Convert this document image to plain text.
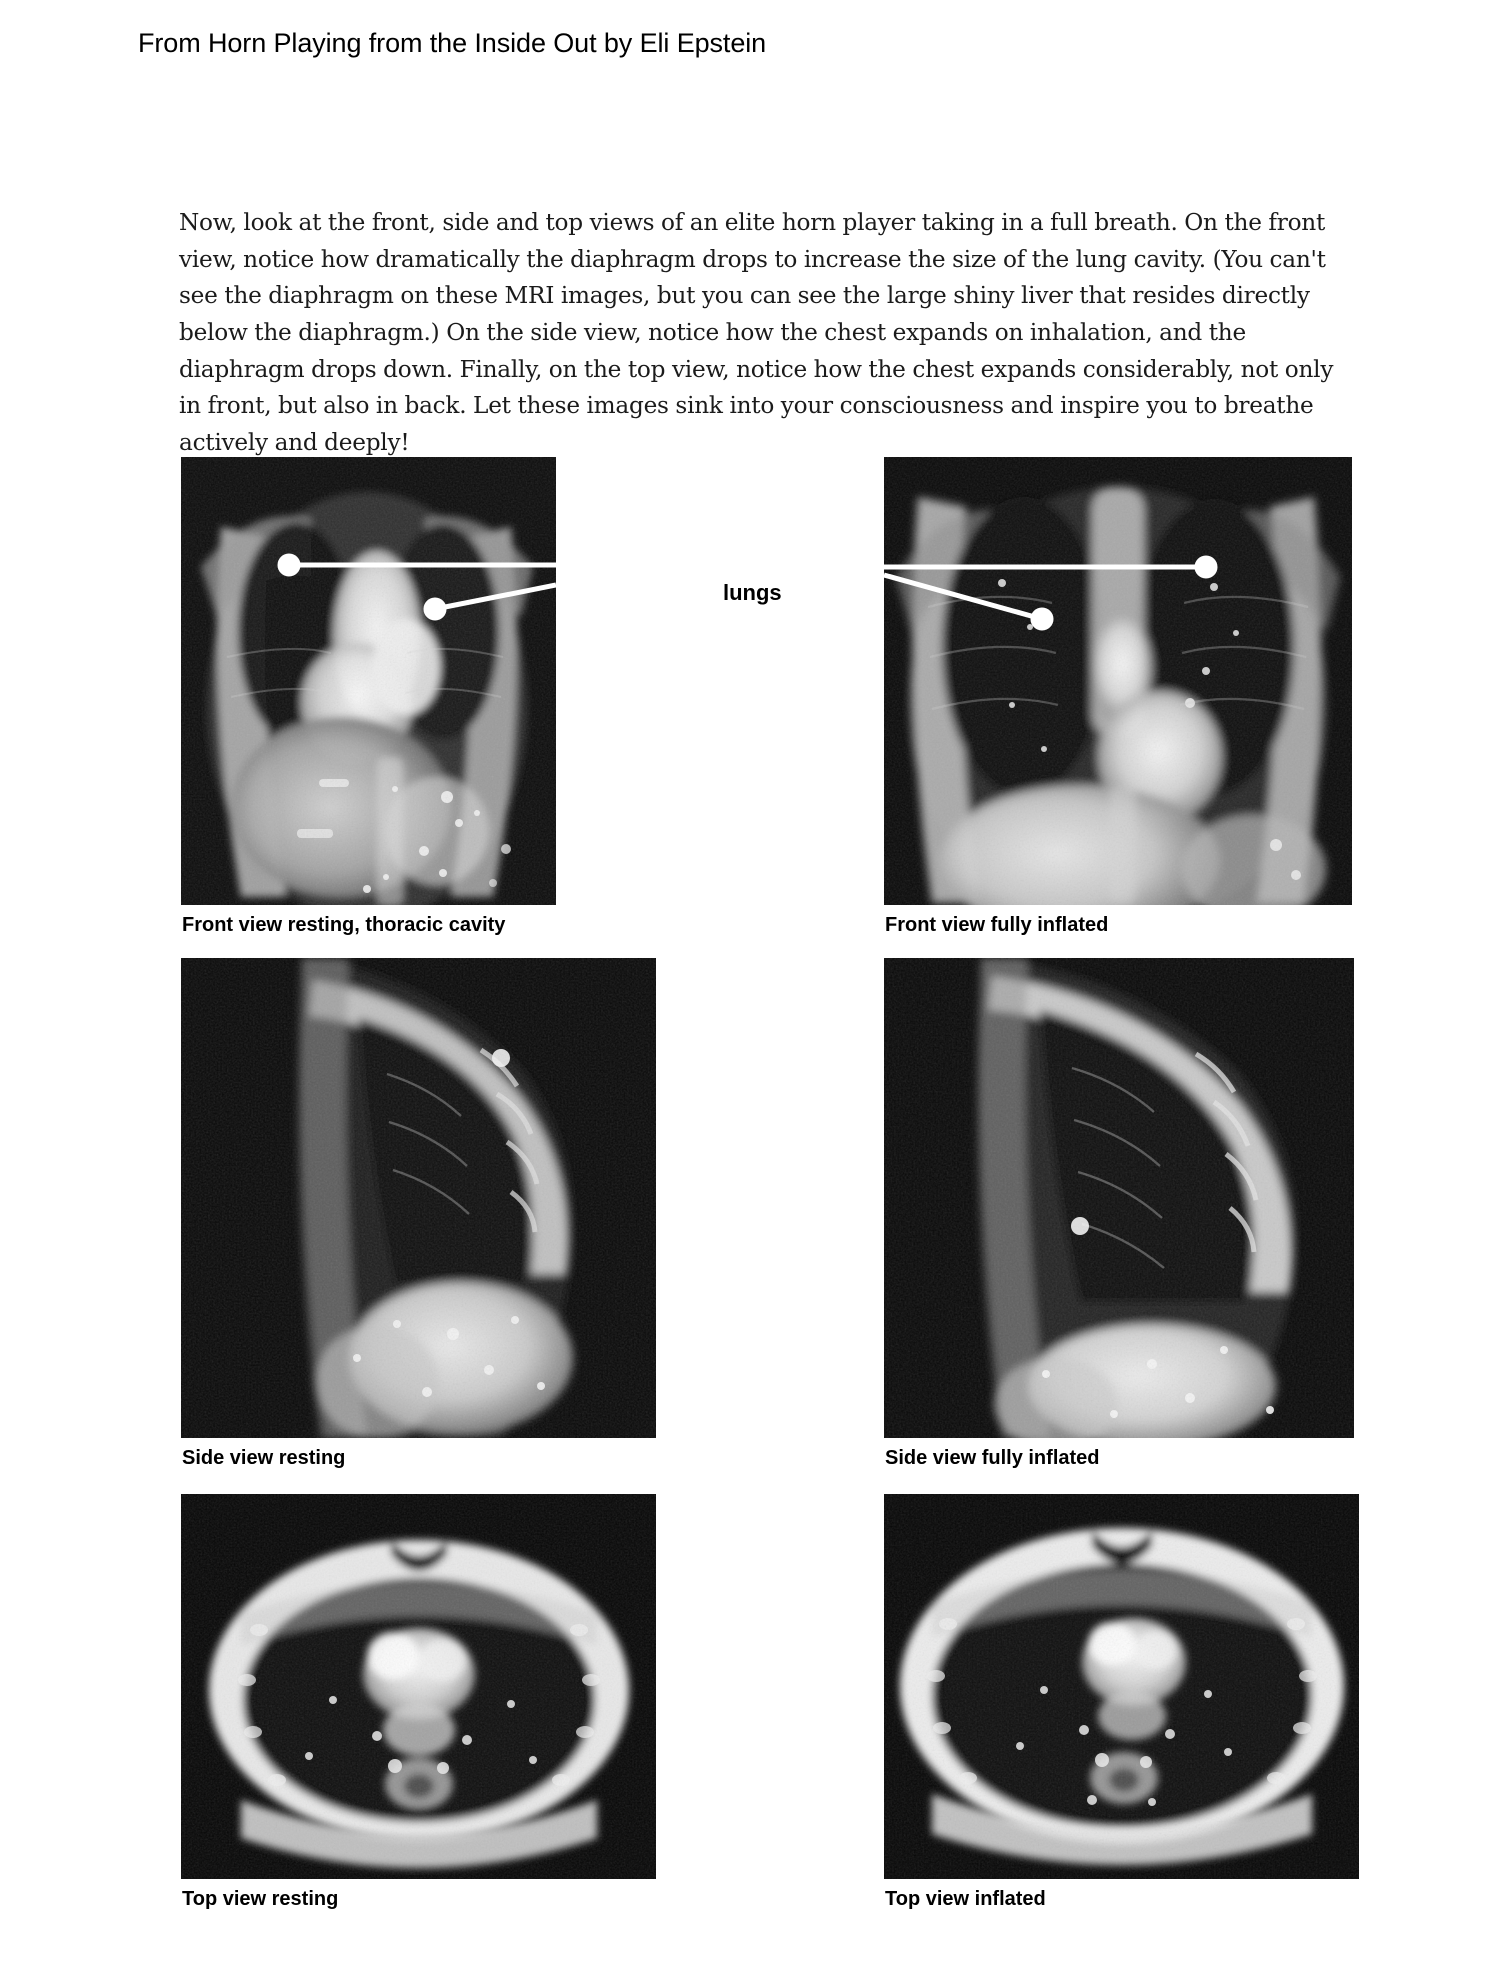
From Horn Playing from the Inside Out by Eli Epstein

Now, look at the front, side and top views of an elite horn player taking in a full breath. On the front view, notice how dramatically the diaphragm drops to increase the size of the lung cavity. (You can't see the diaphragm on these MRI images, but you can see the large shiny liver that resides directly below the diaphragm.) On the side view, notice how the chest expands on inhalation, and the diaphragm drops down. Finally, on the top view, notice how the chest expands considerably, not only in front, but also in back. Let these images sink into your consciousness and inspire you to breathe actively and deeply!

Front view resting, thoracic cavity
lungs
Front view fully inflated
Side view resting	Side view fully inflated
Top view resting	Top view inflated
